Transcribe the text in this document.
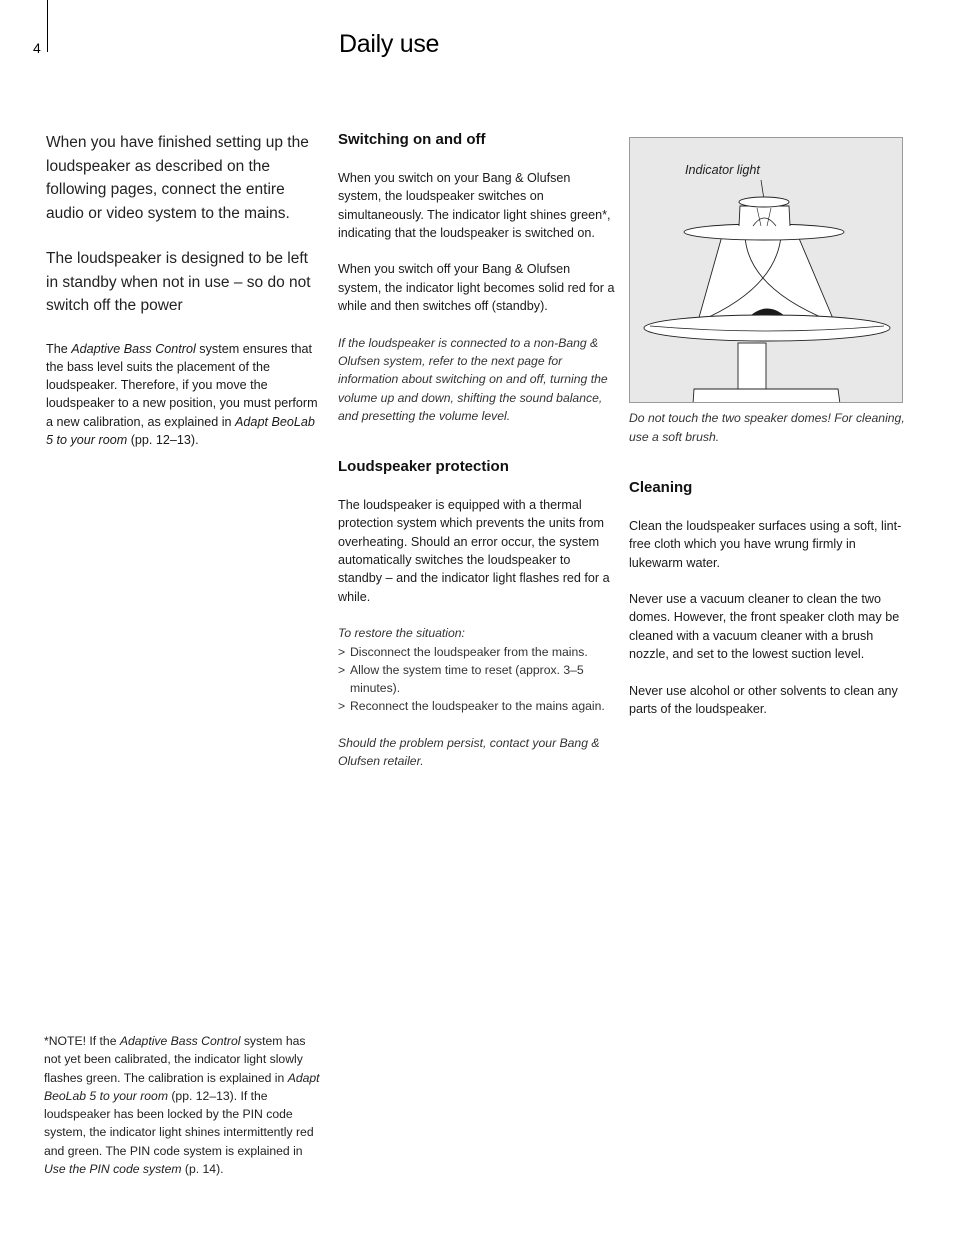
4	Daily use

When you have finished setting up the loudspeaker as described on the following pages, connect the entire audio or video system to the mains.

The loudspeaker is designed to be left in standby when not in use – so do not switch off the power

The Adaptive Bass Control system ensures that the bass level suits the placement of the loudspeaker. Therefore, if you move the loudspeaker to a new position, you must perform a new calibration, as explained in Adapt BeoLab 5 to your room (pp. 12–13).

Switching on and off

When you switch on your Bang & Olufsen system, the loudspeaker switches on simultaneously. The indicator light shines green*, indicating that the loudspeaker is switched on.

When you switch off your Bang & Olufsen system, the indicator light becomes solid red for a while and then switches off (standby).

If the loudspeaker is connected to a non-Bang & Olufsen system, refer to the next page for information about switching on and off, turning the volume up and down, shifting the sound balance, and presetting the volume level.

Loudspeaker protection

The loudspeaker is equipped with a thermal protection system which prevents the units from overheating. Should an error occur, the system automatically switches the loudspeaker to standby – and the indicator light flashes red for a while.

To restore the situation:

> Disconnect the loudspeaker from the mains.
> Allow the system time to reset (approx. 3–5 minutes).
> Reconnect the loudspeaker to the mains again.

Should the problem persist, contact your Bang & Olufsen retailer.

Indicator light

Do not touch the two speaker domes! For cleaning, use a soft brush.

Cleaning

Clean the loudspeaker surfaces using a soft, lint-free cloth which you have wrung firmly in lukewarm water.

Never use a vacuum cleaner to clean the two domes. However, the front speaker cloth may be cleaned with a vacuum cleaner with a brush nozzle, and set to the lowest suction level.

Never use alcohol or other solvents to clean any parts of the loudspeaker.

*NOTE! If the Adaptive Bass Control system has not yet been calibrated, the indicator light slowly flashes green. The calibration is explained in Adapt BeoLab 5 to your room (pp. 12–13). If the loudspeaker has been locked by the PIN code system, the indicator light shines intermittently red and green. The PIN code system is explained in Use the PIN code system (p. 14).
